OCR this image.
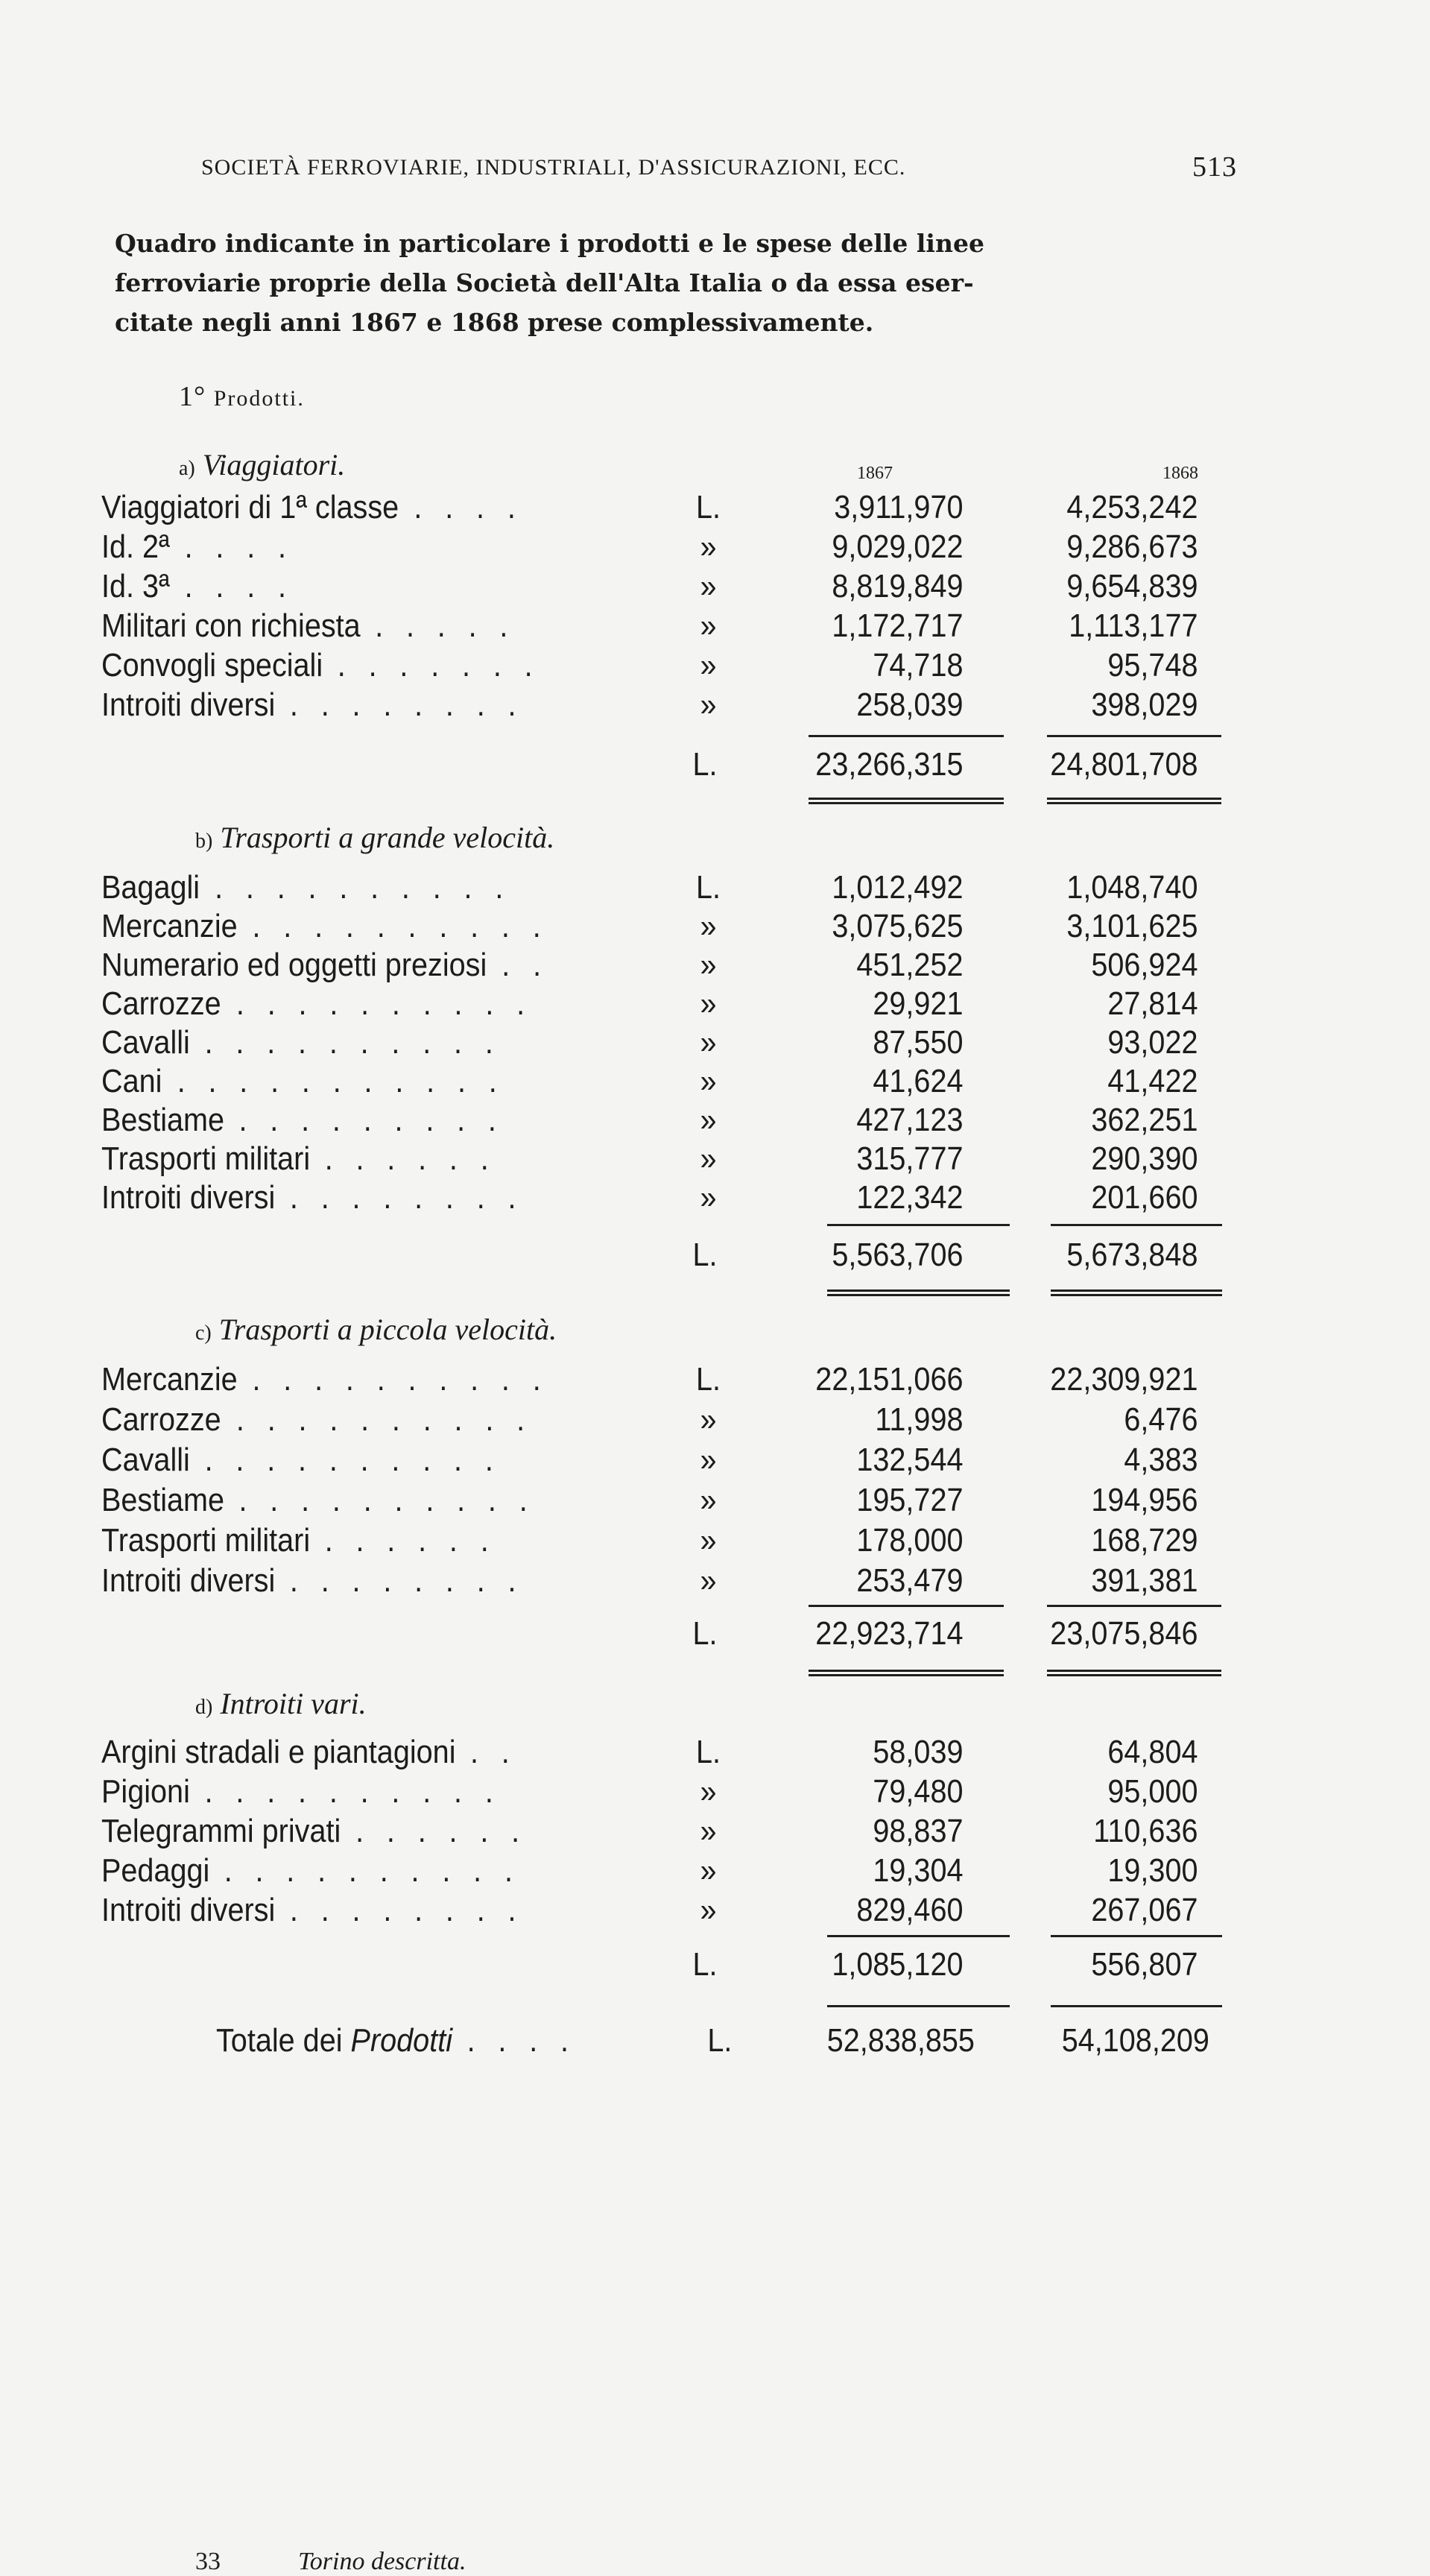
SOCIETÀ FERROVIARIE, INDUSTRIALI, D'ASSICURAZIONI, ECC.	513
Quadro indicante in particolare i prodotti e le spese delle linee
ferroviarie proprie della Società dell'Alta Italia o da essa eser-
citate negli anni 1867 e 1868 prese complessivamente.
1° Prodotti.
a) Viaggiatori.	1867	1868
Viaggiatori di 1ª classe . . . .	L.	3,911,970	4,253,242
Id. 2ª . . . .	»	9,029,022	9,286,673
Id. 3ª . . . .	»	8,819,849	9,654,839
Militari con richiesta . . . . .	»	1,172,717	1,113,177
Convogli speciali . . . . . . .	»	74,718	95,748
Introiti diversi . . . . . . . .	»	258,039	398,029
L.	23,266,315	24,801,708
b) Trasporti a grande velocità.
Bagagli . . . . . . . . . .	L.	1,012,492	1,048,740
Mercanzie . . . . . . . . . .	»	3,075,625	3,101,625
Numerario ed oggetti preziosi . .	»	451,252	506,924
Carrozze . . . . . . . . . .	»	29,921	27,814
Cavalli . . . . . . . . . .	»	87,550	93,022
Cani . . . . . . . . . . .	»	41,624	41,422
Bestiame . . . . . . . . .	»	427,123	362,251
Trasporti militari . . . . . .	»	315,777	290,390
Introiti diversi . . . . . . . .	»	122,342	201,660
L.	5,563,706	5,673,848
c) Trasporti a piccola velocità.
Mercanzie . . . . . . . . . .	L.	22,151,066	22,309,921
Carrozze . . . . . . . . . .	»	11,998	6,476
Cavalli . . . . . . . . . .	»	132,544	4,383
Bestiame . . . . . . . . . .	»	195,727	194,956
Trasporti militari . . . . . .	»	178,000	168,729
Introiti diversi . . . . . . . .	»	253,479	391,381
L.	22,923,714	23,075,846
d) Introiti vari.
Argini stradali e piantagioni . .	L.	58,039	64,804
Pigioni . . . . . . . . . .	»	79,480	95,000
Telegrammi privati . . . . . .	»	98,837	110,636
Pedaggi . . . . . . . . . .	»	19,304	19,300
Introiti diversi . . . . . . . .	»	829,460	267,067
L.	1,085,120	556,807
Totale dei Prodotti . . . .	L.	52,838,855	54,108,209
33	Torino descritta.
